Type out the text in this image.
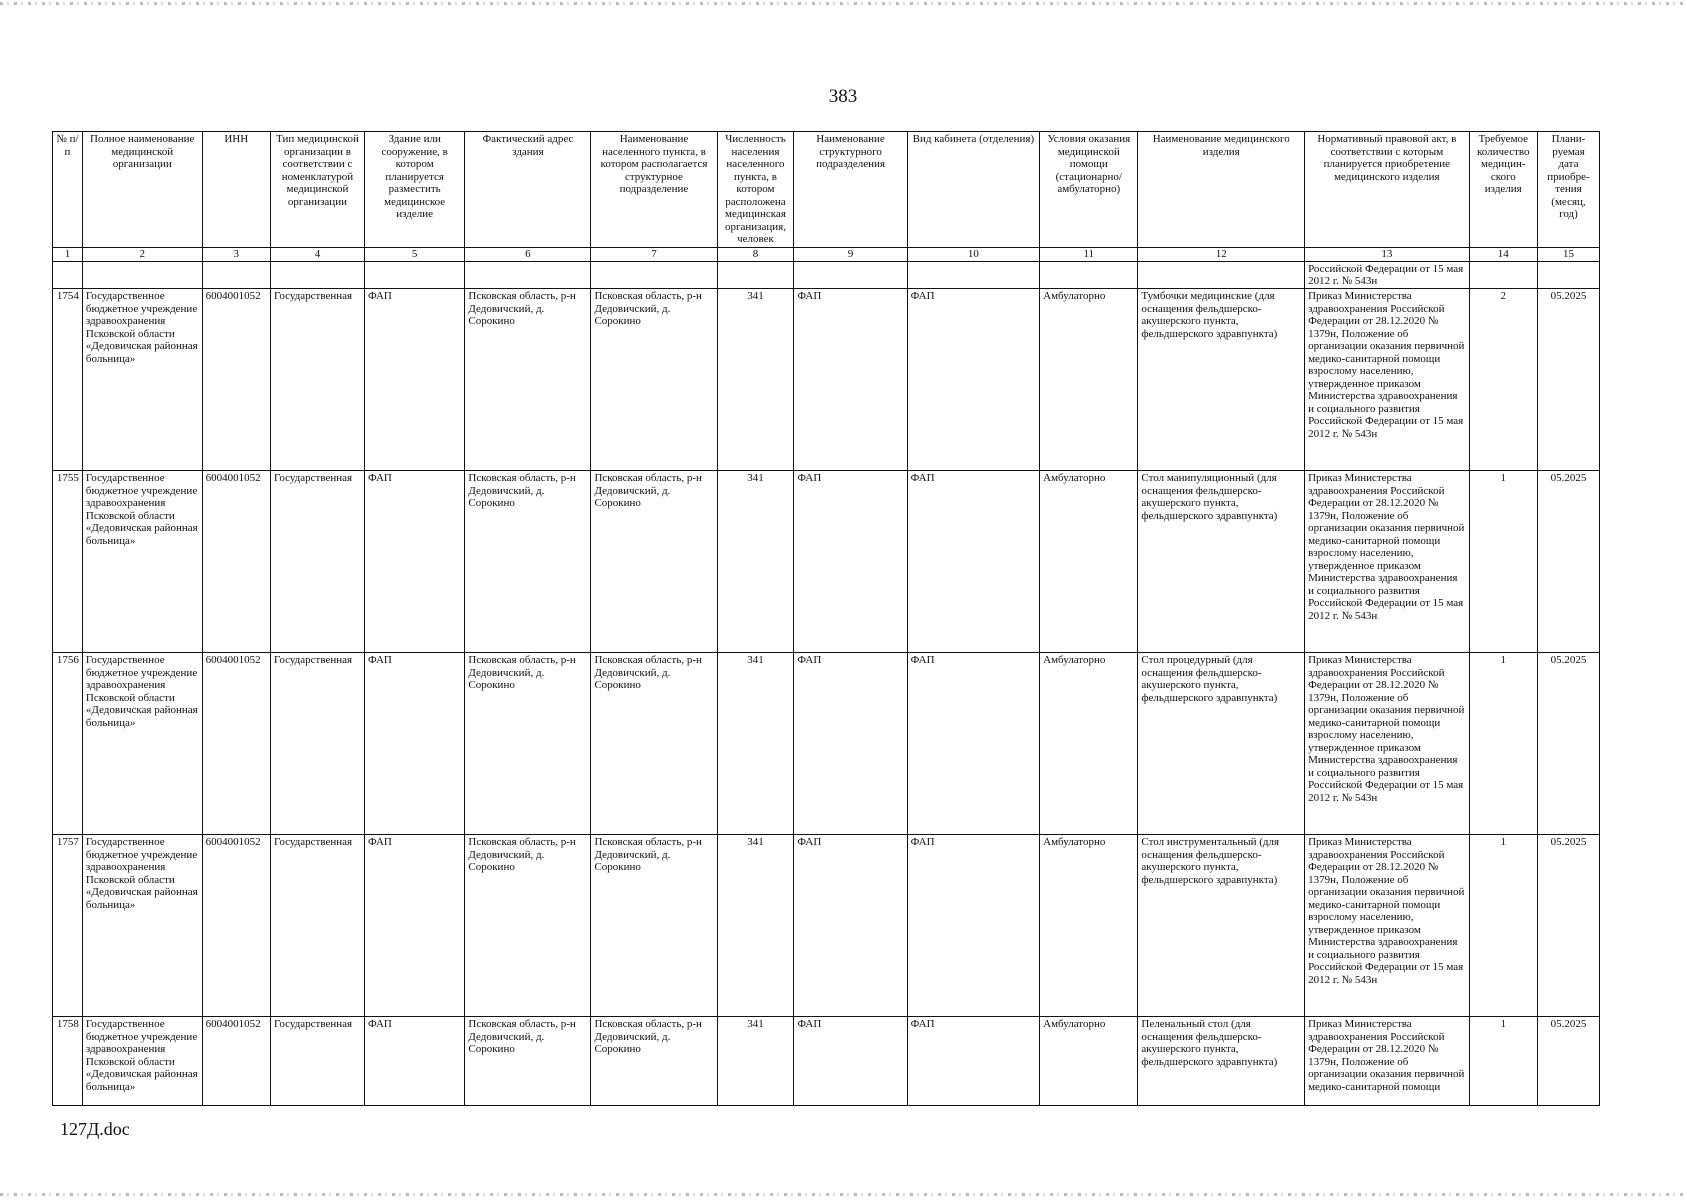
383
№ п/п	Полное наименование медицинской организации	ИНН	Тип медицинской организации в соответствии с номенклатурой медицинской организации	Здание или сооружение, в котором планируется разместить медицинское изделие	Фактический адрес здания	Наименование населенного пункта, в котором располагается структурное подразделение	Численность населения населенного пункта, в котором расположена медицинская организация, человек	Наименование структурного подразделения	Вид кабинета (отделения)	Условия оказания медицинской помощи (стационарно/ амбулаторно)	Наименование медицинского изделия	Нормативный правовой акт, в соответствии с которым планируется приобретение медицинского изделия	Требуемое количество медицин-ского изделия	Плани-руемая дата приобре-тения (месяц, год)
1	2	3	4	5	6	7	8	9	10	11	12	13	14	15
												Российской Федерации от 15 мая 2012 г. № 543н		
1754	Государственное бюджетное учреждение здравоохранения Псковской области «Дедовичская районная больница»	6004001052	Государственная	ФАП	Псковская область, р-н Дедовичский, д. Сорокино	Псковская область, р-н Дедовичский, д. Сорокино	341	ФАП	ФАП	Амбулаторно	Тумбочки медицинские (для оснащения фельдшерско-акушерского пункта, фельдшерского здравпункта)	Приказ Министерства здравоохранения Российской Федерации от 28.12.2020 № 1379н, Положение об организации оказания первичной медико-санитарной помощи взрослому населению, утвержденное приказом Министерства здравоохранения и социального развития Российской Федерации от 15 мая 2012 г. № 543н	2	05.2025
1755	Государственное бюджетное учреждение здравоохранения Псковской области «Дедовичская районная больница»	6004001052	Государственная	ФАП	Псковская область, р-н Дедовичский, д. Сорокино	Псковская область, р-н Дедовичский, д. Сорокино	341	ФАП	ФАП	Амбулаторно	Стол манипуляционный (для оснащения фельдшерско-акушерского пункта, фельдшерского здравпункта)	Приказ Министерства здравоохранения Российской Федерации от 28.12.2020 № 1379н, Положение об организации оказания первичной медико-санитарной помощи взрослому населению, утвержденное приказом Министерства здравоохранения и социального развития Российской Федерации от 15 мая 2012 г. № 543н	1	05.2025
1756	Государственное бюджетное учреждение здравоохранения Псковской области «Дедовичская районная больница»	6004001052	Государственная	ФАП	Псковская область, р-н Дедовичский, д. Сорокино	Псковская область, р-н Дедовичский, д. Сорокино	341	ФАП	ФАП	Амбулаторно	Стол процедурный (для оснащения фельдшерско-акушерского пункта, фельдшерского здравпункта)	Приказ Министерства здравоохранения Российской Федерации от 28.12.2020 № 1379н, Положение об организации оказания первичной медико-санитарной помощи взрослому населению, утвержденное приказом Министерства здравоохранения и социального развития Российской Федерации от 15 мая 2012 г. № 543н	1	05.2025
1757	Государственное бюджетное учреждение здравоохранения Псковской области «Дедовичская районная больница»	6004001052	Государственная	ФАП	Псковская область, р-н Дедовичский, д. Сорокино	Псковская область, р-н Дедовичский, д. Сорокино	341	ФАП	ФАП	Амбулаторно	Стол инструментальный (для оснащения фельдшерско-акушерского пункта, фельдшерского здравпункта)	Приказ Министерства здравоохранения Российской Федерации от 28.12.2020 № 1379н, Положение об организации оказания первичной медико-санитарной помощи взрослому населению, утвержденное приказом Министерства здравоохранения и социального развития Российской Федерации от 15 мая 2012 г. № 543н	1	05.2025
1758	Государственное бюджетное учреждение здравоохранения Псковской области «Дедовичская районная больница»	6004001052	Государственная	ФАП	Псковская область, р-н Дедовичский, д. Сорокино	Псковская область, р-н Дедовичский, д. Сорокино	341	ФАП	ФАП	Амбулаторно	Пеленальный стол (для оснащения фельдшерско-акушерского пункта, фельдшерского здравпункта)	Приказ Министерства здравоохранения Российской Федерации от 28.12.2020 № 1379н, Положение об организации оказания первичной медико-санитарной помощи	1	05.2025
127Д.doc
